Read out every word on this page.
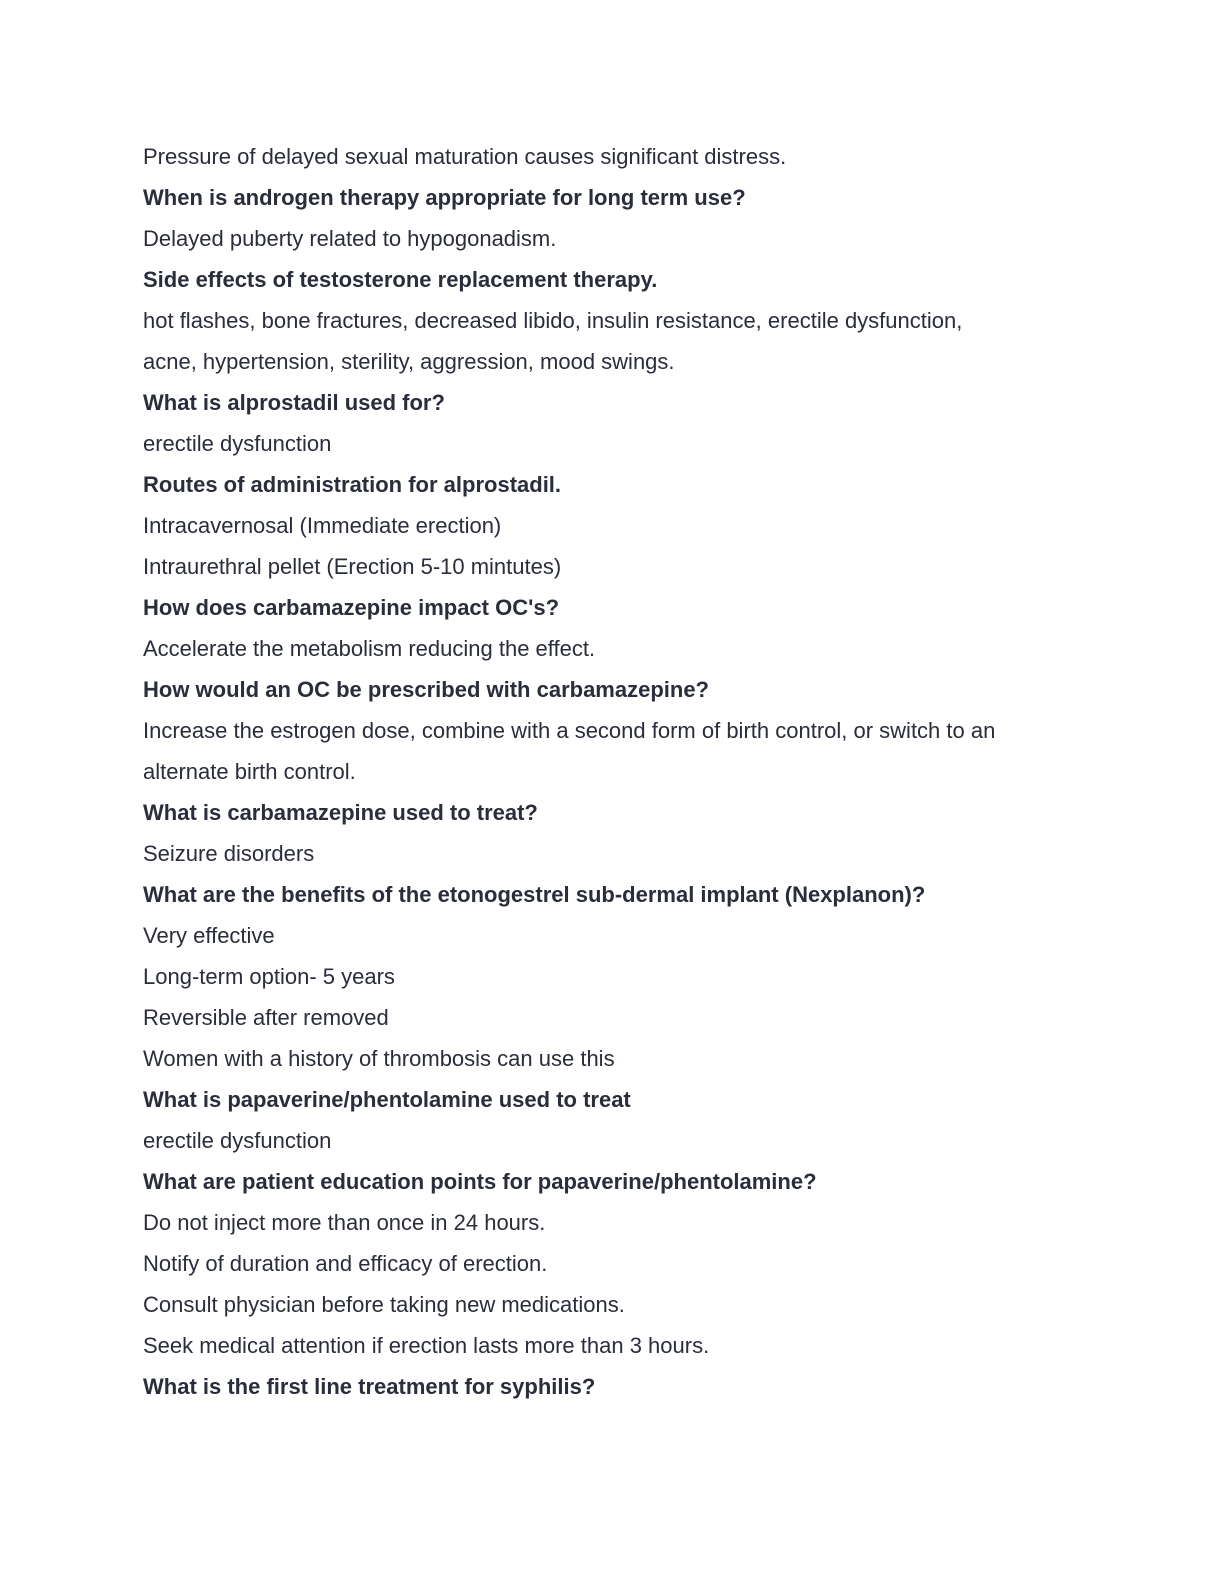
Pressure of delayed sexual maturation causes significant distress.
When is androgen therapy appropriate for long term use?
Delayed puberty related to hypogonadism.
Side effects of testosterone replacement therapy.
hot flashes, bone fractures, decreased libido, insulin resistance, erectile dysfunction,
acne, hypertension, sterility, aggression, mood swings.
What is alprostadil used for?
erectile dysfunction
Routes of administration for alprostadil.
Intracavernosal (Immediate erection)
Intraurethral pellet (Erection 5-10 mintutes)
How does carbamazepine impact OC's?
Accelerate the metabolism reducing the effect.
How would an OC be prescribed with carbamazepine?
Increase the estrogen dose, combine with a second form of birth control, or switch to an
alternate birth control.
What is carbamazepine used to treat?
Seizure disorders
What are the benefits of the etonogestrel sub-dermal implant (Nexplanon)?
Very effective
Long-term option- 5 years
Reversible after removed
Women with a history of thrombosis can use this
What is papaverine/phentolamine used to treat
erectile dysfunction
What are patient education points for papaverine/phentolamine?
Do not inject more than once in 24 hours.
Notify of duration and efficacy of erection.
Consult physician before taking new medications.
Seek medical attention if erection lasts more than 3 hours.
What is the first line treatment for syphilis?
